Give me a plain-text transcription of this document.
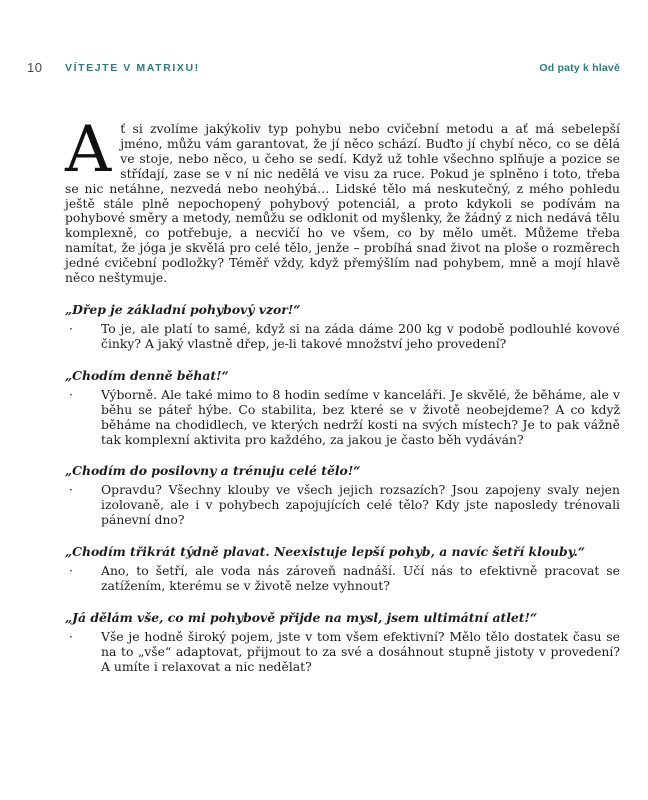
10 VÍTEJTE V MATRIXU!	Od paty k hlavě

Ať si zvolíme jakýkoliv typ pohybu nebo cvičební metodu a ať má sebelepší jméno, můžu vám garantovat, že jí něco schází. Buďto jí chybí něco, co se dělá ve stoje, nebo něco, u čeho se sedí. Když už tohle všechno splňuje a pozice se střídají, zase se v ní nic nedělá ve visu za ruce. Pokud je splněno i toto, třeba se nic netáhne, nezvedá nebo neohýbá… Lidské tělo má neskutečný, z mého pohledu ještě stále plně nepochopený pohybový potenciál, a proto kdykoli se podívám na pohybové směry a metody, nemůžu se odklonit od myšlenky, že žádný z nich nedává tělu komplexně, co potřebuje, a necvičí ho ve všem, co by mělo umět. Můžeme třeba namítat, že jóga je skvělá pro celé tělo, jenže – probíhá snad život na ploše o rozměrech jedné cvičební podložky? Téměř vždy, když přemýšlím nad pohybem, mně a mojí hlavě něco neštymuje.

„Dřep je základní pohybový vzor!“
· To je, ale platí to samé, když si na záda dáme 200 kg v podobě podlouhlé kovové činky? A jaký vlastně dřep, je-li takové množství jeho provedení?

„Chodím denně běhat!“
· Výborně. Ale také mimo to 8 hodin sedíme v kanceláři. Je skvělé, že běháme, ale v běhu se páteř hýbe. Co stabilita, bez které se v životě neobejdeme? A co když běháme na chodidlech, ve kterých nedrží kosti na svých místech? Je to pak vážně tak komplexní aktivita pro každého, za jakou je často běh vydáván?

„Chodím do posilovny a trénuju celé tělo!“
· Opravdu? Všechny klouby ve všech jejich rozsazích? Jsou zapojeny svaly nejen izolovaně, ale i v pohybech zapojujících celé tělo? Kdy jste naposledy trénovali pánevní dno?

„Chodím třikrát týdně plavat. Neexistuje lepší pohyb, a navíc šetří klouby.“
· Ano, to šetří, ale voda nás zároveň nadnáší. Učí nás to efektivně pracovat se zatížením, kterému se v životě nelze vyhnout?

„Já dělám vše, co mi pohybově přijde na mysl, jsem ultimátní atlet!“
· Vše je hodně široký pojem, jste v tom všem efektivní? Mělo tělo dostatek času se na to „vše“ adaptovat, přijmout to za své a dosáhnout stupně jistoty v provedení? A umíte i relaxovat a nic nedělat?
